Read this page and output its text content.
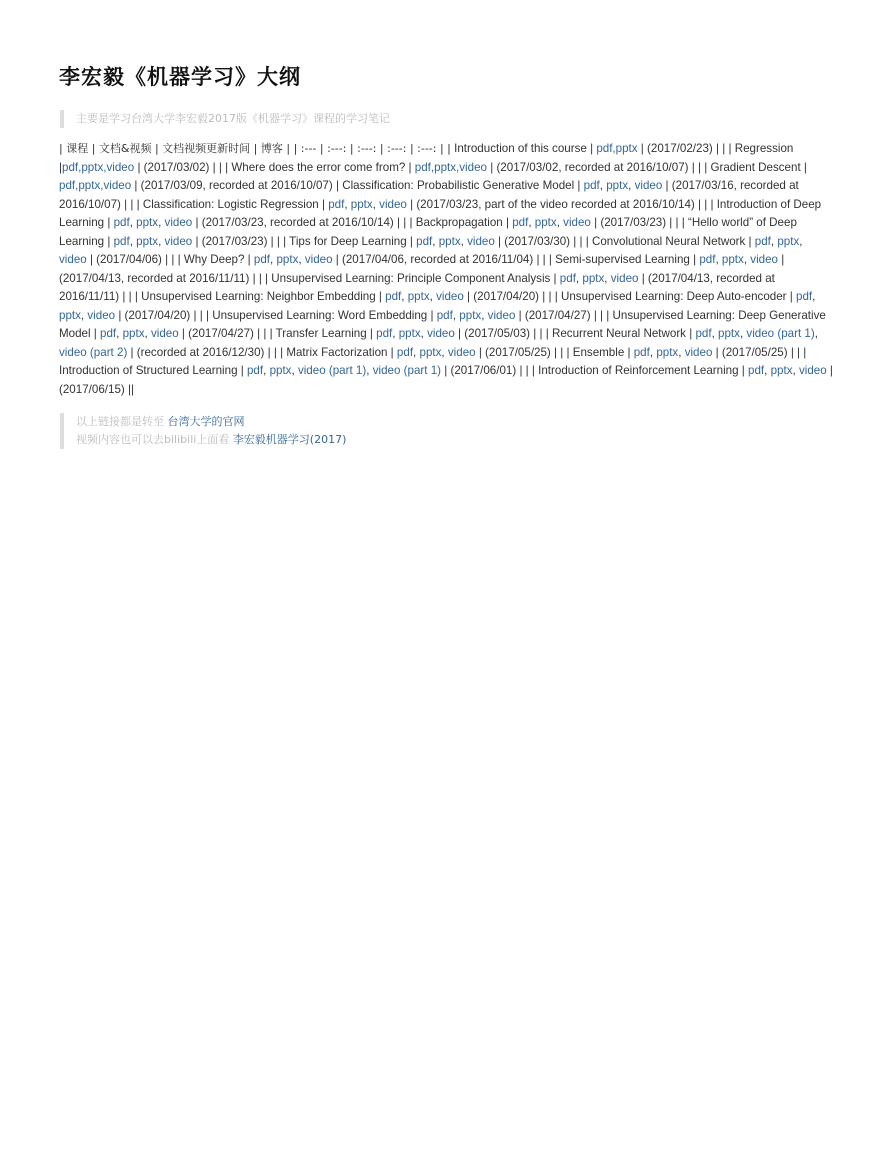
李宏毅《机器学习》大纲
主要是学习台湾大学李宏毅2017版《机器学习》课程的学习笔记

| 课程 | 文档&视频 | 文档视频更新时间 | 博客 | | :--- | :---: | :---: | :---: | :---: | | Introduction of this course | pdf,pptx | (2017/02/23) | | | Regression |pdf,pptx,video | (2017/03/02) | | | Where does the error come from? | pdf,pptx,video | (2017/03/02, recorded at 2016/10/07) | | | Gradient Descent | pdf,pptx,video | (2017/03/09, recorded at 2016/10/07) | Classification: Probabilistic Generative Model | pdf, pptx, video | (2017/03/16, recorded at 2016/10/07) | | | Classification: Logistic Regression | pdf, pptx, video | (2017/03/23, part of the video recorded at 2016/10/14) | | | Introduction of Deep Learning | pdf, pptx, video | (2017/03/23, recorded at 2016/10/14) | | | Backpropagation | pdf, pptx, video | (2017/03/23) | | | “Hello world” of Deep Learning | pdf, pptx, video | (2017/03/23) | | | Tips for Deep Learning | pdf, pptx, video | (2017/03/30) | | | Convolutional Neural Network | pdf, pptx, video | (2017/04/06) | | | Why Deep? | pdf, pptx, video | (2017/04/06, recorded at 2016/11/04) | | | Semi-supervised Learning | pdf, pptx, video | (2017/04/13, recorded at 2016/11/11) | | | Unsupervised Learning: Principle Component Analysis | pdf, pptx, video | (2017/04/13, recorded at 2016/11/11) | | | Unsupervised Learning: Neighbor Embedding | pdf, pptx, video | (2017/04/20) | | | Unsupervised Learning: Deep Auto-encoder | pdf, pptx, video | (2017/04/20) | | | Unsupervised Learning: Word Embedding | pdf, pptx, video | (2017/04/27) | | | Unsupervised Learning: Deep Generative Model | pdf, pptx, video | (2017/04/27) | | | Transfer Learning | pdf, pptx, video | (2017/05/03) | | | Recurrent Neural Network | pdf, pptx, video (part 1), video (part 2) | (recorded at 2016/12/30) | | | Matrix Factorization | pdf, pptx, video | (2017/05/25) | | | Ensemble | pdf, pptx, video | (2017/05/25) | | | Introduction of Structured Learning | pdf, pptx, video (part 1), video (part 1) | (2017/06/01) | | | Introduction of Reinforcement Learning | pdf, pptx, video | (2017/06/15) ||

以上链接都是转至 台湾大学的官网
视频内容也可以去bilibili上面看 李宏毅机器学习(2017)
